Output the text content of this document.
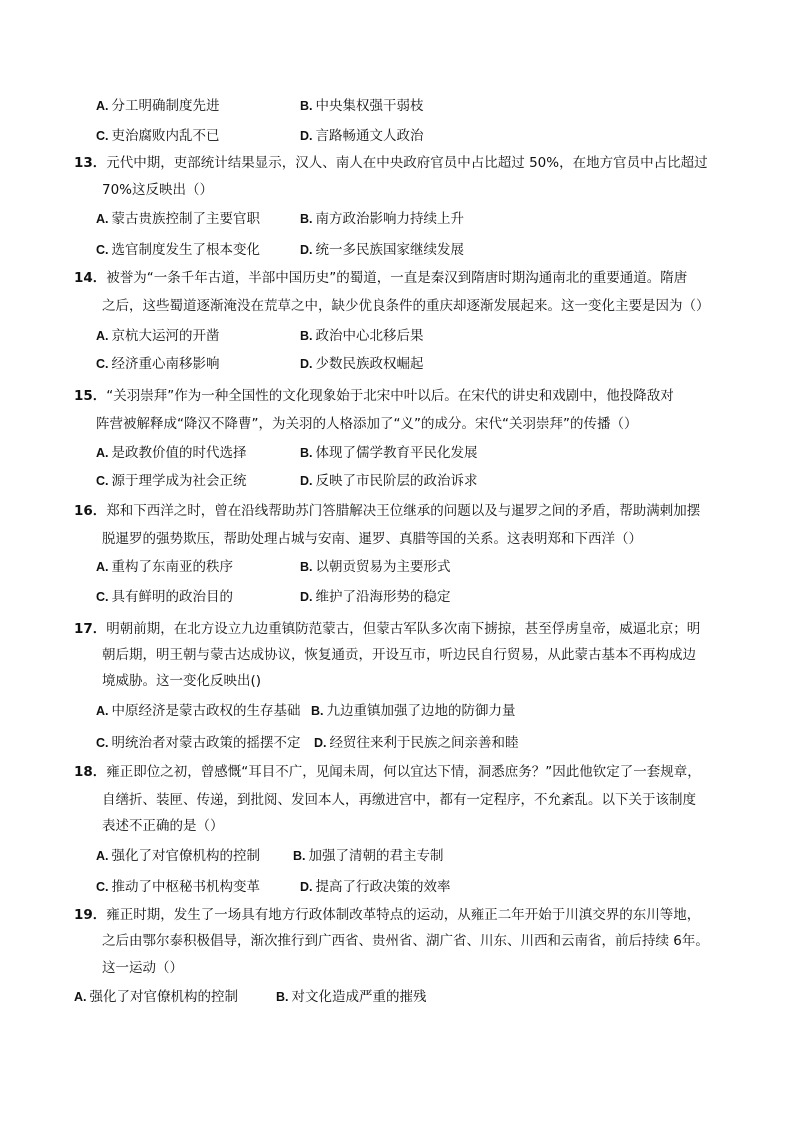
A. 分工明确制度先进	B. 中央集权强干弱枝
C. 吏治腐败内乱不已	D. 言路畅通文人政治
13．元代中期，吏部统计结果显示，汉人、南人在中央政府官员中占比超过 50%，在地方官员中占比超过
70%这反映出（）
A. 蒙古贵族控制了主要官职	B. 南方政治影响力持续上升
C. 选官制度发生了根本变化	D. 统一多民族国家继续发展
14．被誉为“一条千年古道，半部中国历史”的蜀道，一直是秦汉到隋唐时期沟通南北的重要通道。隋唐
之后，这些蜀道逐渐淹没在荒草之中，缺少优良条件的重庆却逐渐发展起来。这一变化主要是因为（）
A. 京杭大运河的开凿	B. 政治中心北移后果
C. 经济重心南移影响	D. 少数民族政权崛起
15．“关羽崇拜”作为一种全国性的文化现象始于北宋中叶以后。在宋代的讲史和戏剧中，他投降敌对
阵营被解释成“降汉不降曹”，为关羽的人格添加了“义”的成分。宋代“关羽崇拜”的传播（）
A. 是政教价值的时代选择	B. 体现了儒学教育平民化发展
C. 源于理学成为社会正统	D. 反映了市民阶层的政治诉求
16．郑和下西洋之时，曾在沿线帮助苏门答腊解决王位继承的问题以及与暹罗之间的矛盾，帮助满剌加摆
脱暹罗的强势欺压，帮助处理占城与安南、暹罗、真腊等国的关系。这表明郑和下西洋（）
A. 重构了东南亚的秩序	B. 以朝贡贸易为主要形式
C. 具有鲜明的政治目的	D. 维护了沿海形势的稳定
17．明朝前期，在北方设立九边重镇防范蒙古，但蒙古军队多次南下掳掠，甚至俘虏皇帝，威逼北京；明
朝后期，明王朝与蒙古达成协议，恢复通贡，开设互市，听边民自行贸易，从此蒙古基本不再构成边
境威胁。这一变化反映出()
A. 中原经济是蒙古政权的生存基础 B. 九边重镇加强了边地的防御力量
C. 明统治者对蒙古政策的摇摆不定 D. 经贸往来利于民族之间亲善和睦
18．雍正即位之初，曾感慨“耳目不广，见闻未周，何以宜达下情，洞悉庶务？”因此他钦定了一套规章，
自缮折、装匣、传递，到批阅、发回本人，再缴进宫中，都有一定程序，不允紊乱。以下关于该制度
表述不正确的是（）
A. 强化了对官僚机构的控制	B. 加强了清朝的君主专制
C. 推动了中枢秘书机构变革	D. 提高了行政决策的效率
19．雍正时期，发生了一场具有地方行政体制改革特点的运动，从雍正二年开始于川滇交界的东川等地，
之后由鄂尔泰积极倡导，渐次推行到广西省、贵州省、湖广省、川东、川西和云南省，前后持续 6年。
这一运动（）
A. 强化了对官僚机构的控制	B. 对文化造成严重的摧残
